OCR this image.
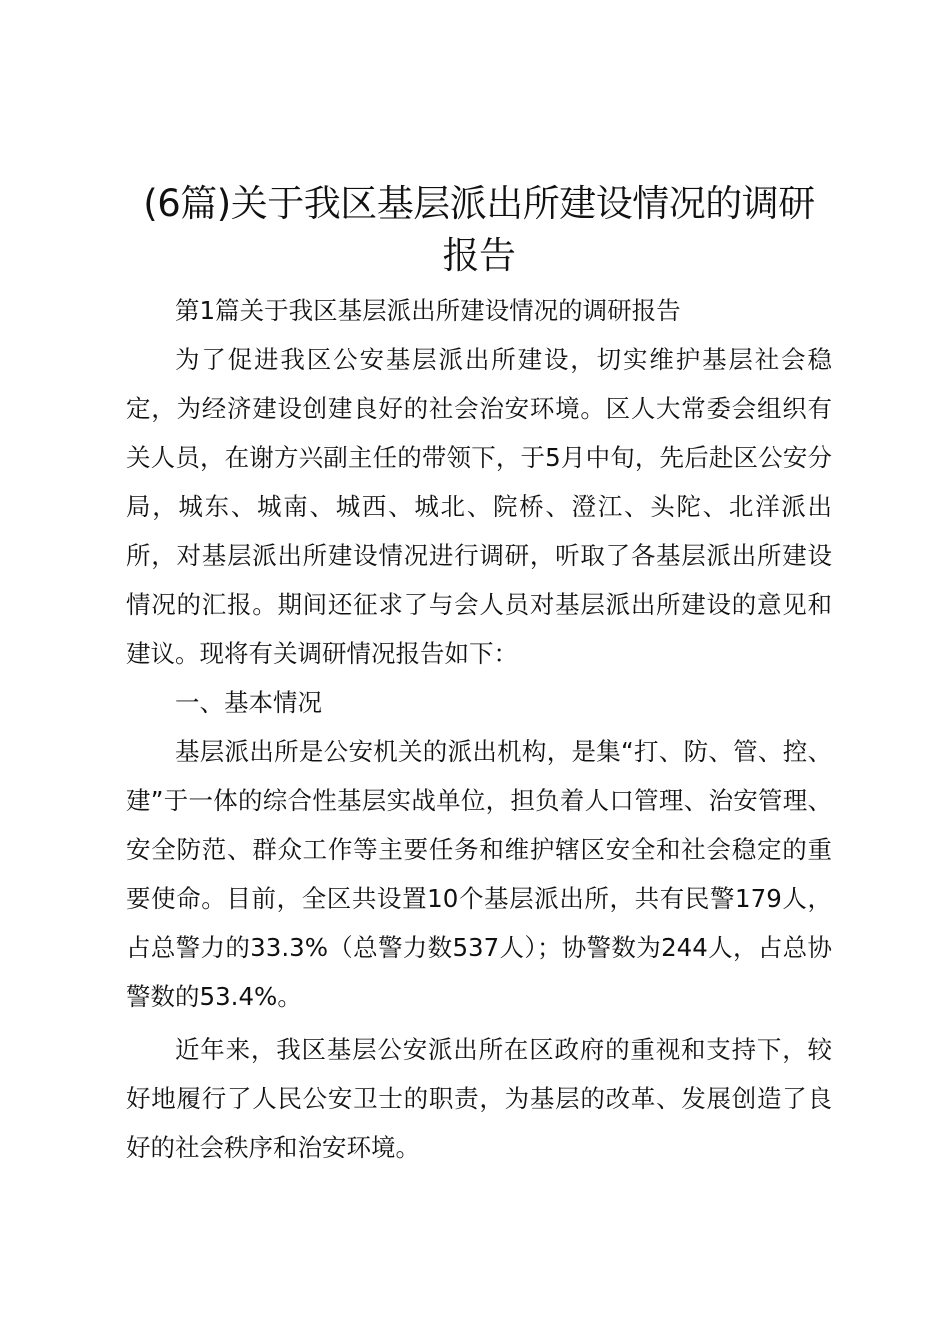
(6篇)关于我区基层派出所建设情况的调研报告

第1篇关于我区基层派出所建设情况的调研报告

为了促进我区公安基层派出所建设，切实维护基层社会稳定，为经济建设创建良好的社会治安环境。区人大常委会组织有关人员，在谢方兴副主任的带领下，于5月中旬，先后赴区公安分局，城东、城南、城西、城北、院桥、澄江、头陀、北洋派出所，对基层派出所建设情况进行调研，听取了各基层派出所建设情况的汇报。期间还征求了与会人员对基层派出所建设的意见和建议。现将有关调研情况报告如下：

一、基本情况

基层派出所是公安机关的派出机构，是集“打、防、管、控、建”于一体的综合性基层实战单位，担负着人口管理、治安管理、安全防范、群众工作等主要任务和维护辖区安全和社会稳定的重要使命。目前，全区共设置10个基层派出所，共有民警179人，占总警力的33.3%（总警力数537人）；协警数为244人，占总协警数的53.4%。

近年来，我区基层公安派出所在区政府的重视和支持下，较好地履行了人民公安卫士的职责，为基层的改革、发展创造了良好的社会秩序和治安环境。
